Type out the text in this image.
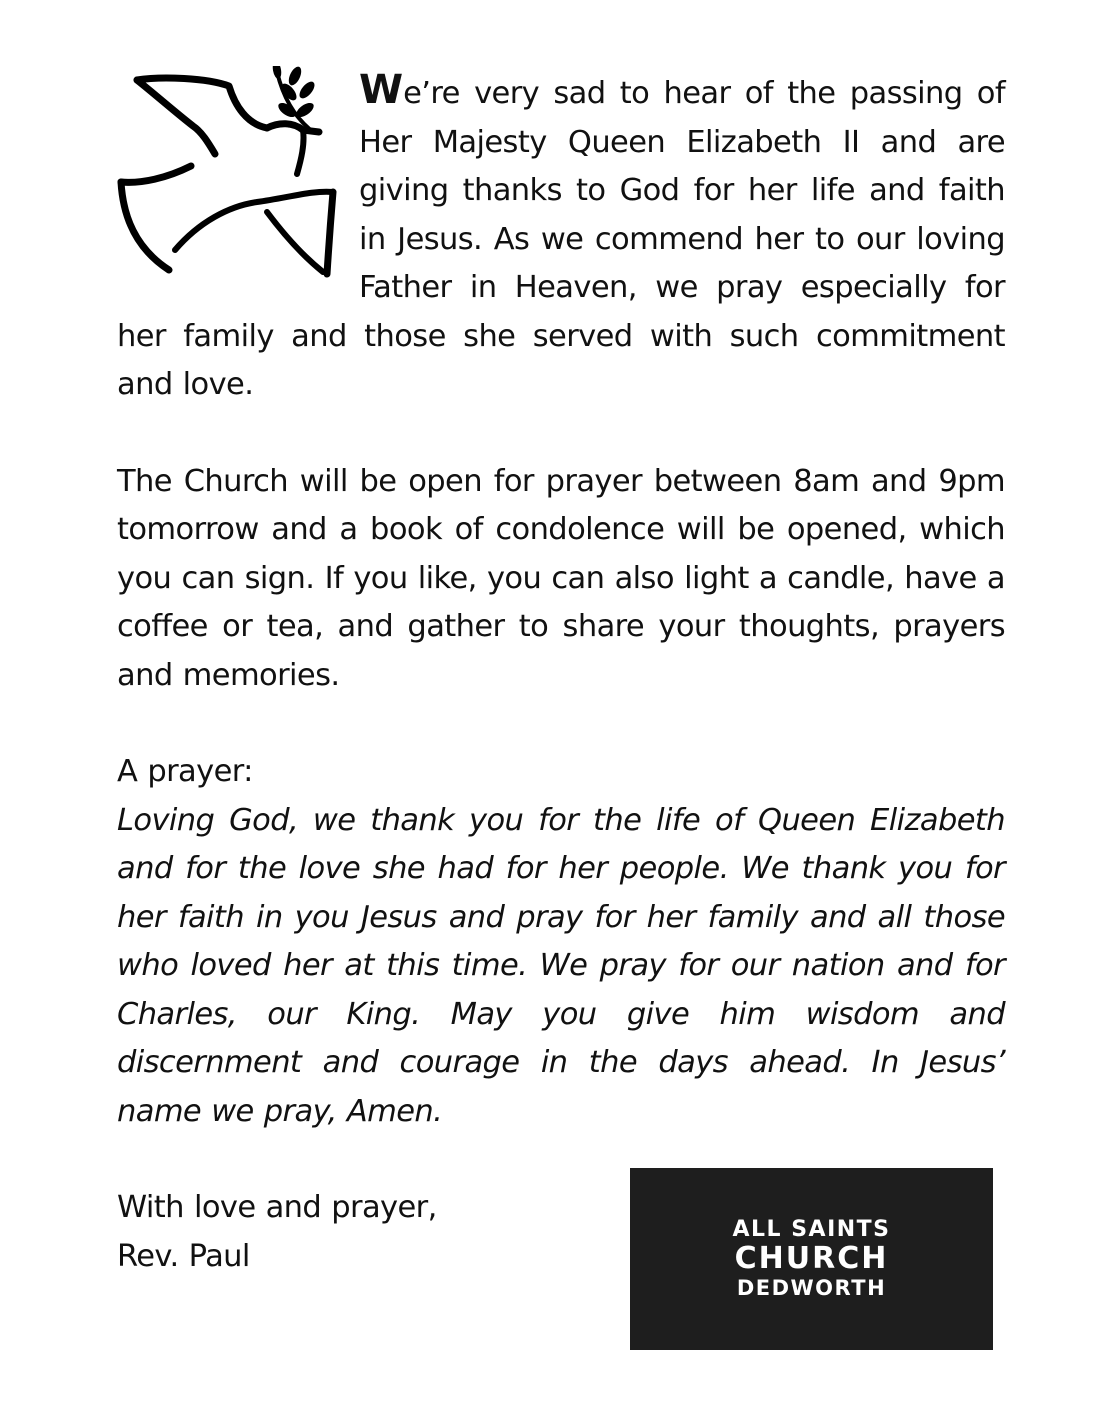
We’re very sad to hear of the passing of Her Majesty Queen Elizabeth II and are giving thanks to God for her life and faith in Jesus. As we commend her to our loving Father in Heaven, we pray especially for her family and those she served with such commitment and love.

The Church will be open for prayer between 8am and 9pm tomorrow and a book of condolence will be opened, which you can sign. If you like, you can also light a candle, have a coffee or tea, and gather to share your thoughts, prayers and memories.

A prayer:

Loving God, we thank you for the life of Queen Elizabeth and for the love she had for her people. We thank you for her faith in you Jesus and pray for her family and all those who loved her at this time. We pray for our nation and for Charles, our King. May you give him wisdom and discernment and courage in the days ahead. In Jesus’ name we pray, Amen.

With love and prayer,

Rev. Paul

ALL SAINTS
CHURCH
DEDWORTH
